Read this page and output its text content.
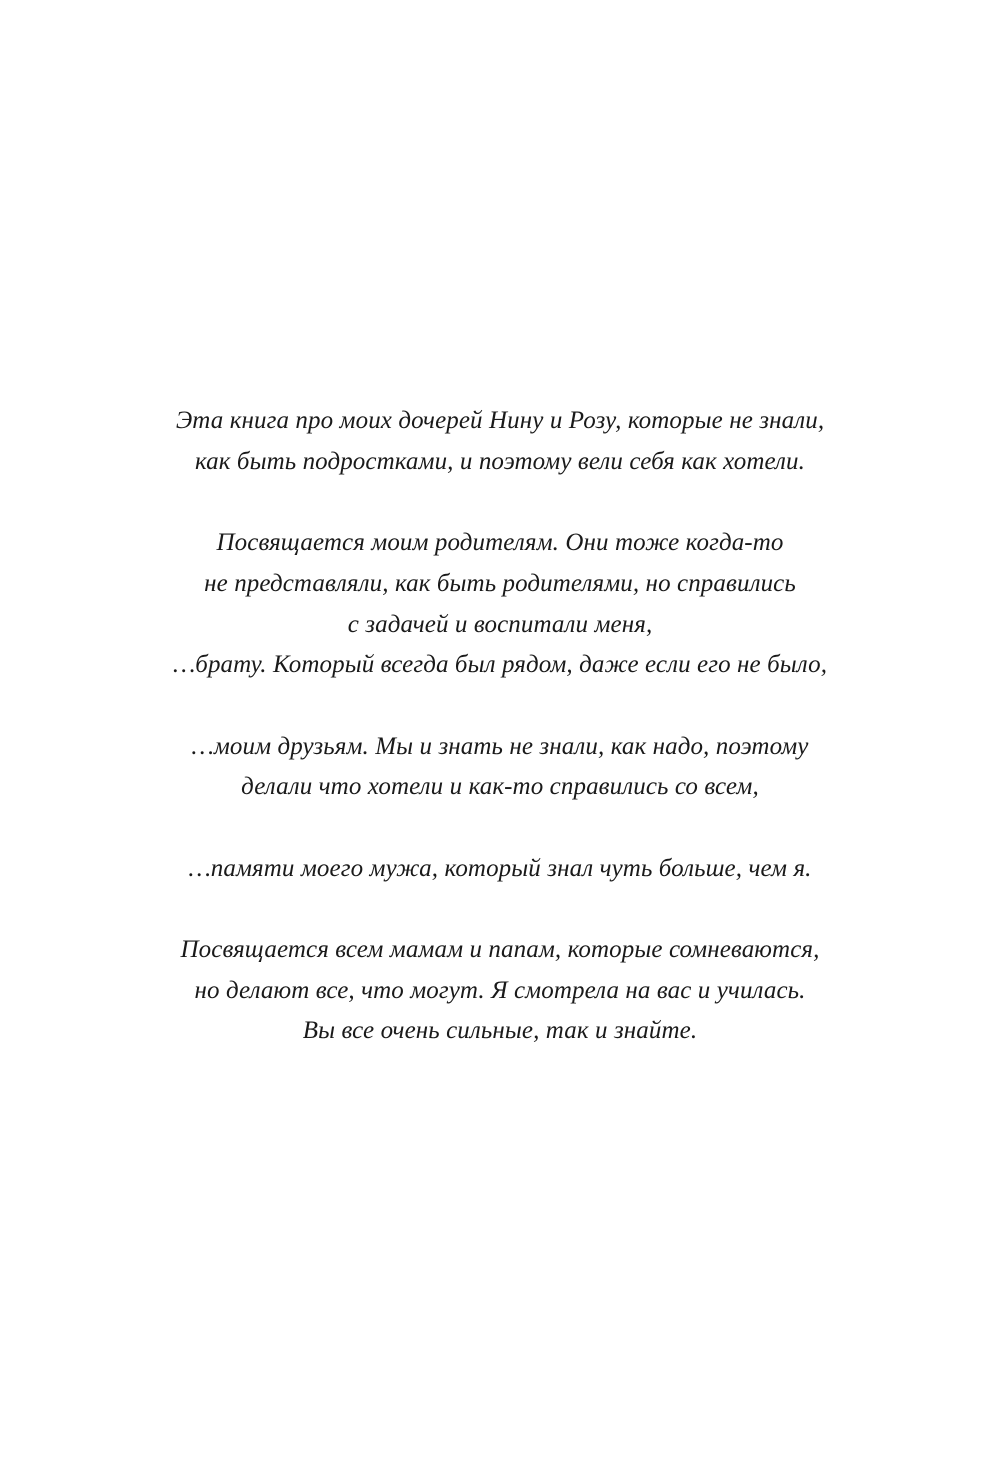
Эта книга про моих дочерей Нину и Розу, которые не знали,
как быть подростками, и поэтому вели себя как хотели.

Посвящается моим родителям. Они тоже когда-то
не представляли, как быть родителями, но справились
с задачей и воспитали меня,
…брату. Который всегда был рядом, даже если его не было,

…моим друзьям. Мы и знать не знали, как надо, поэтому
делали что хотели и как-то справились со всем,

…памяти моего мужа, который знал чуть больше, чем я.

Посвящается всем мамам и папам, которые сомневаются,
но делают все, что могут. Я смотрела на вас и училась.
Вы все очень сильные, так и знайте.
